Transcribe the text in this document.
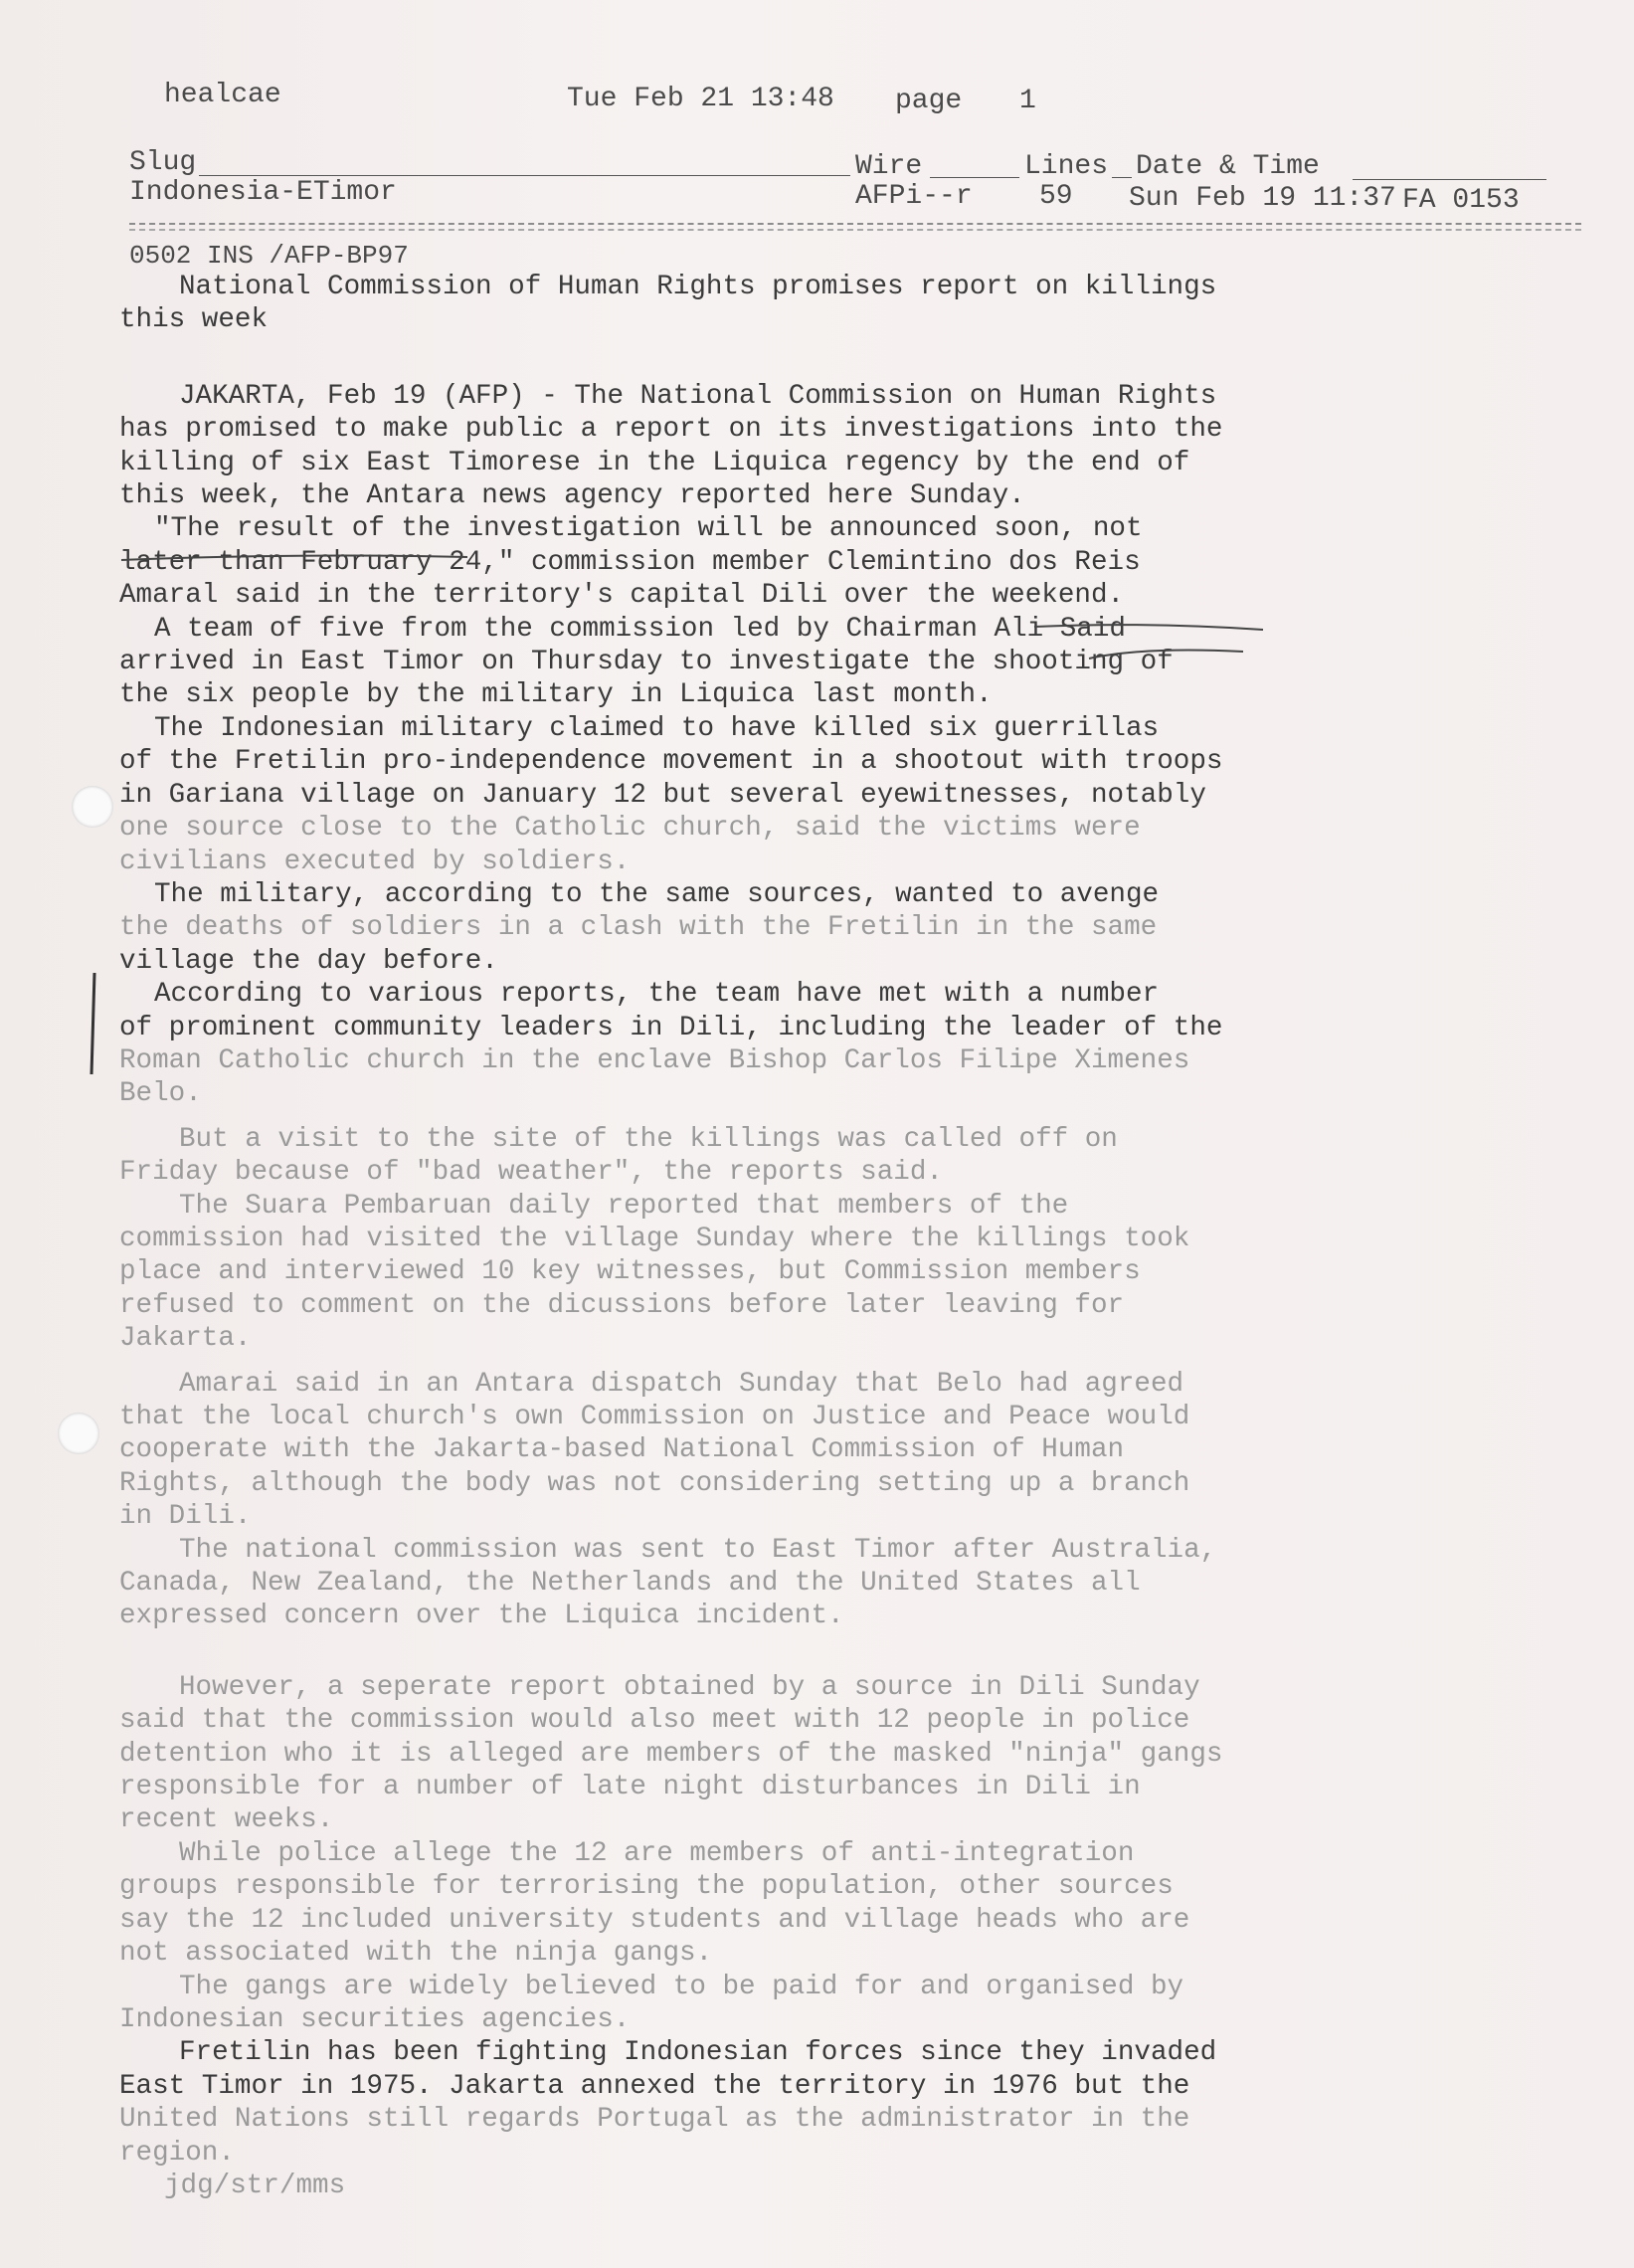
healcae	Tue Feb 21 13:48 page 1
Slug	Wire	Lines Date & Time
Indonesia-ETimor	AFPi--r 59 Sun Feb 19 11:37 FA 0153
0502 INS /AFP-BP97

National Commission of Human Rights promises report on killings

this week

JAKARTA, Feb 19 (AFP) - The National Commission on Human Rights

has promised to make public a report on its investigations into the

killing of six East Timorese in the Liquica regency by the end of

this week, the Antara news agency reported here Sunday.

"The result of the investigation will be announced soon, not

later than February 24," commission member Clemintino dos Reis

Amaral said in the territory's capital Dili over the weekend.

A team of five from the commission led by Chairman Ali Said

arrived in East Timor on Thursday to investigate the shooting of

the six people by the military in Liquica last month.

The Indonesian military claimed to have killed six guerrillas

of the Fretilin pro-independence movement in a shootout with troops

in Gariana village on January 12 but several eyewitnesses, notably

one source close to the Catholic church, said the victims were

civilians executed by soldiers.

The military, according to the same sources, wanted to avenge

the deaths of soldiers in a clash with the Fretilin in the same

village the day before.

According to various reports, the team have met with a number

of prominent community leaders in Dili, including the leader of the

Roman Catholic church in the enclave Bishop Carlos Filipe Ximenes

Belo.

But a visit to the site of the killings was called off on

Friday because of "bad weather", the reports said.

The Suara Pembaruan daily reported that members of the

commission had visited the village Sunday where the killings took

place and interviewed 10 key witnesses, but Commission members

refused to comment on the dicussions before later leaving for

Jakarta.

Amarai said in an Antara dispatch Sunday that Belo had agreed

that the local church's own Commission on Justice and Peace would

cooperate with the Jakarta-based National Commission of Human

Rights, although the body was not considering setting up a branch

in Dili.

The national commission was sent to East Timor after Australia,

Canada, New Zealand, the Netherlands and the United States all

expressed concern over the Liquica incident.

However, a seperate report obtained by a source in Dili Sunday

said that the commission would also meet with 12 people in police

detention who it is alleged are members of the masked "ninja" gangs

responsible for a number of late night disturbances in Dili in

recent weeks.

While police allege the 12 are members of anti-integration

groups responsible for terrorising the population, other sources

say the 12 included university students and village heads who are

not associated with the ninja gangs.

The gangs are widely believed to be paid for and organised by

Indonesian securities agencies.

Fretilin has been fighting Indonesian forces since they invaded

East Timor in 1975. Jakarta annexed the territory in 1976 but the

United Nations still regards Portugal as the administrator in the

region.

jdg/str/mms
